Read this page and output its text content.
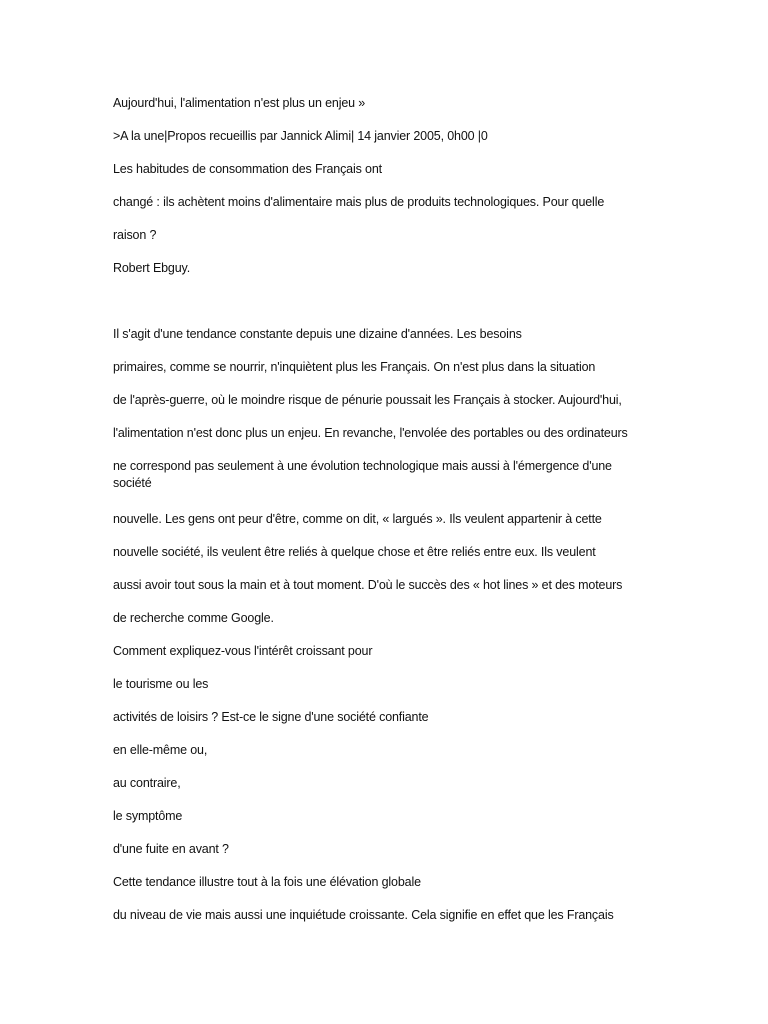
Aujourd'hui, l'alimentation n'est plus un enjeu »
>A la une|Propos recueillis par Jannick Alimi| 14 janvier 2005, 0h00 |0
Les habitudes de consommation des Français ont
changé : ils achètent moins d'alimentaire mais plus de produits technologiques. Pour quelle
raison ?
Robert Ebguy.
Il s'agit d'une tendance constante depuis une dizaine d'années. Les besoins
primaires, comme se nourrir, n'inquiètent plus les Français. On n'est plus dans la situation
de l'après-guerre, où le moindre risque de pénurie poussait les Français à stocker. Aujourd'hui,
l'alimentation n'est donc plus un enjeu. En revanche, l'envolée des portables ou des ordinateurs
ne correspond pas seulement à une évolution technologique mais aussi à l'émergence d'une société
nouvelle. Les gens ont peur d'être, comme on dit, « largués ». Ils veulent appartenir à cette
nouvelle société, ils veulent être reliés à quelque chose et être reliés entre eux. Ils veulent
aussi avoir tout sous la main et à tout moment. D'où le succès des « hot lines » et des moteurs
de recherche comme Google.
Comment expliquez-vous l'intérêt croissant pour
le tourisme ou les
activités de loisirs ? Est-ce le signe d'une société confiante
en elle-même ou,
au contraire,
le symptôme
d'une fuite en avant ?
Cette tendance illustre tout à la fois une élévation globale
du niveau de vie mais aussi une inquiétude croissante. Cela signifie en effet que les Français
